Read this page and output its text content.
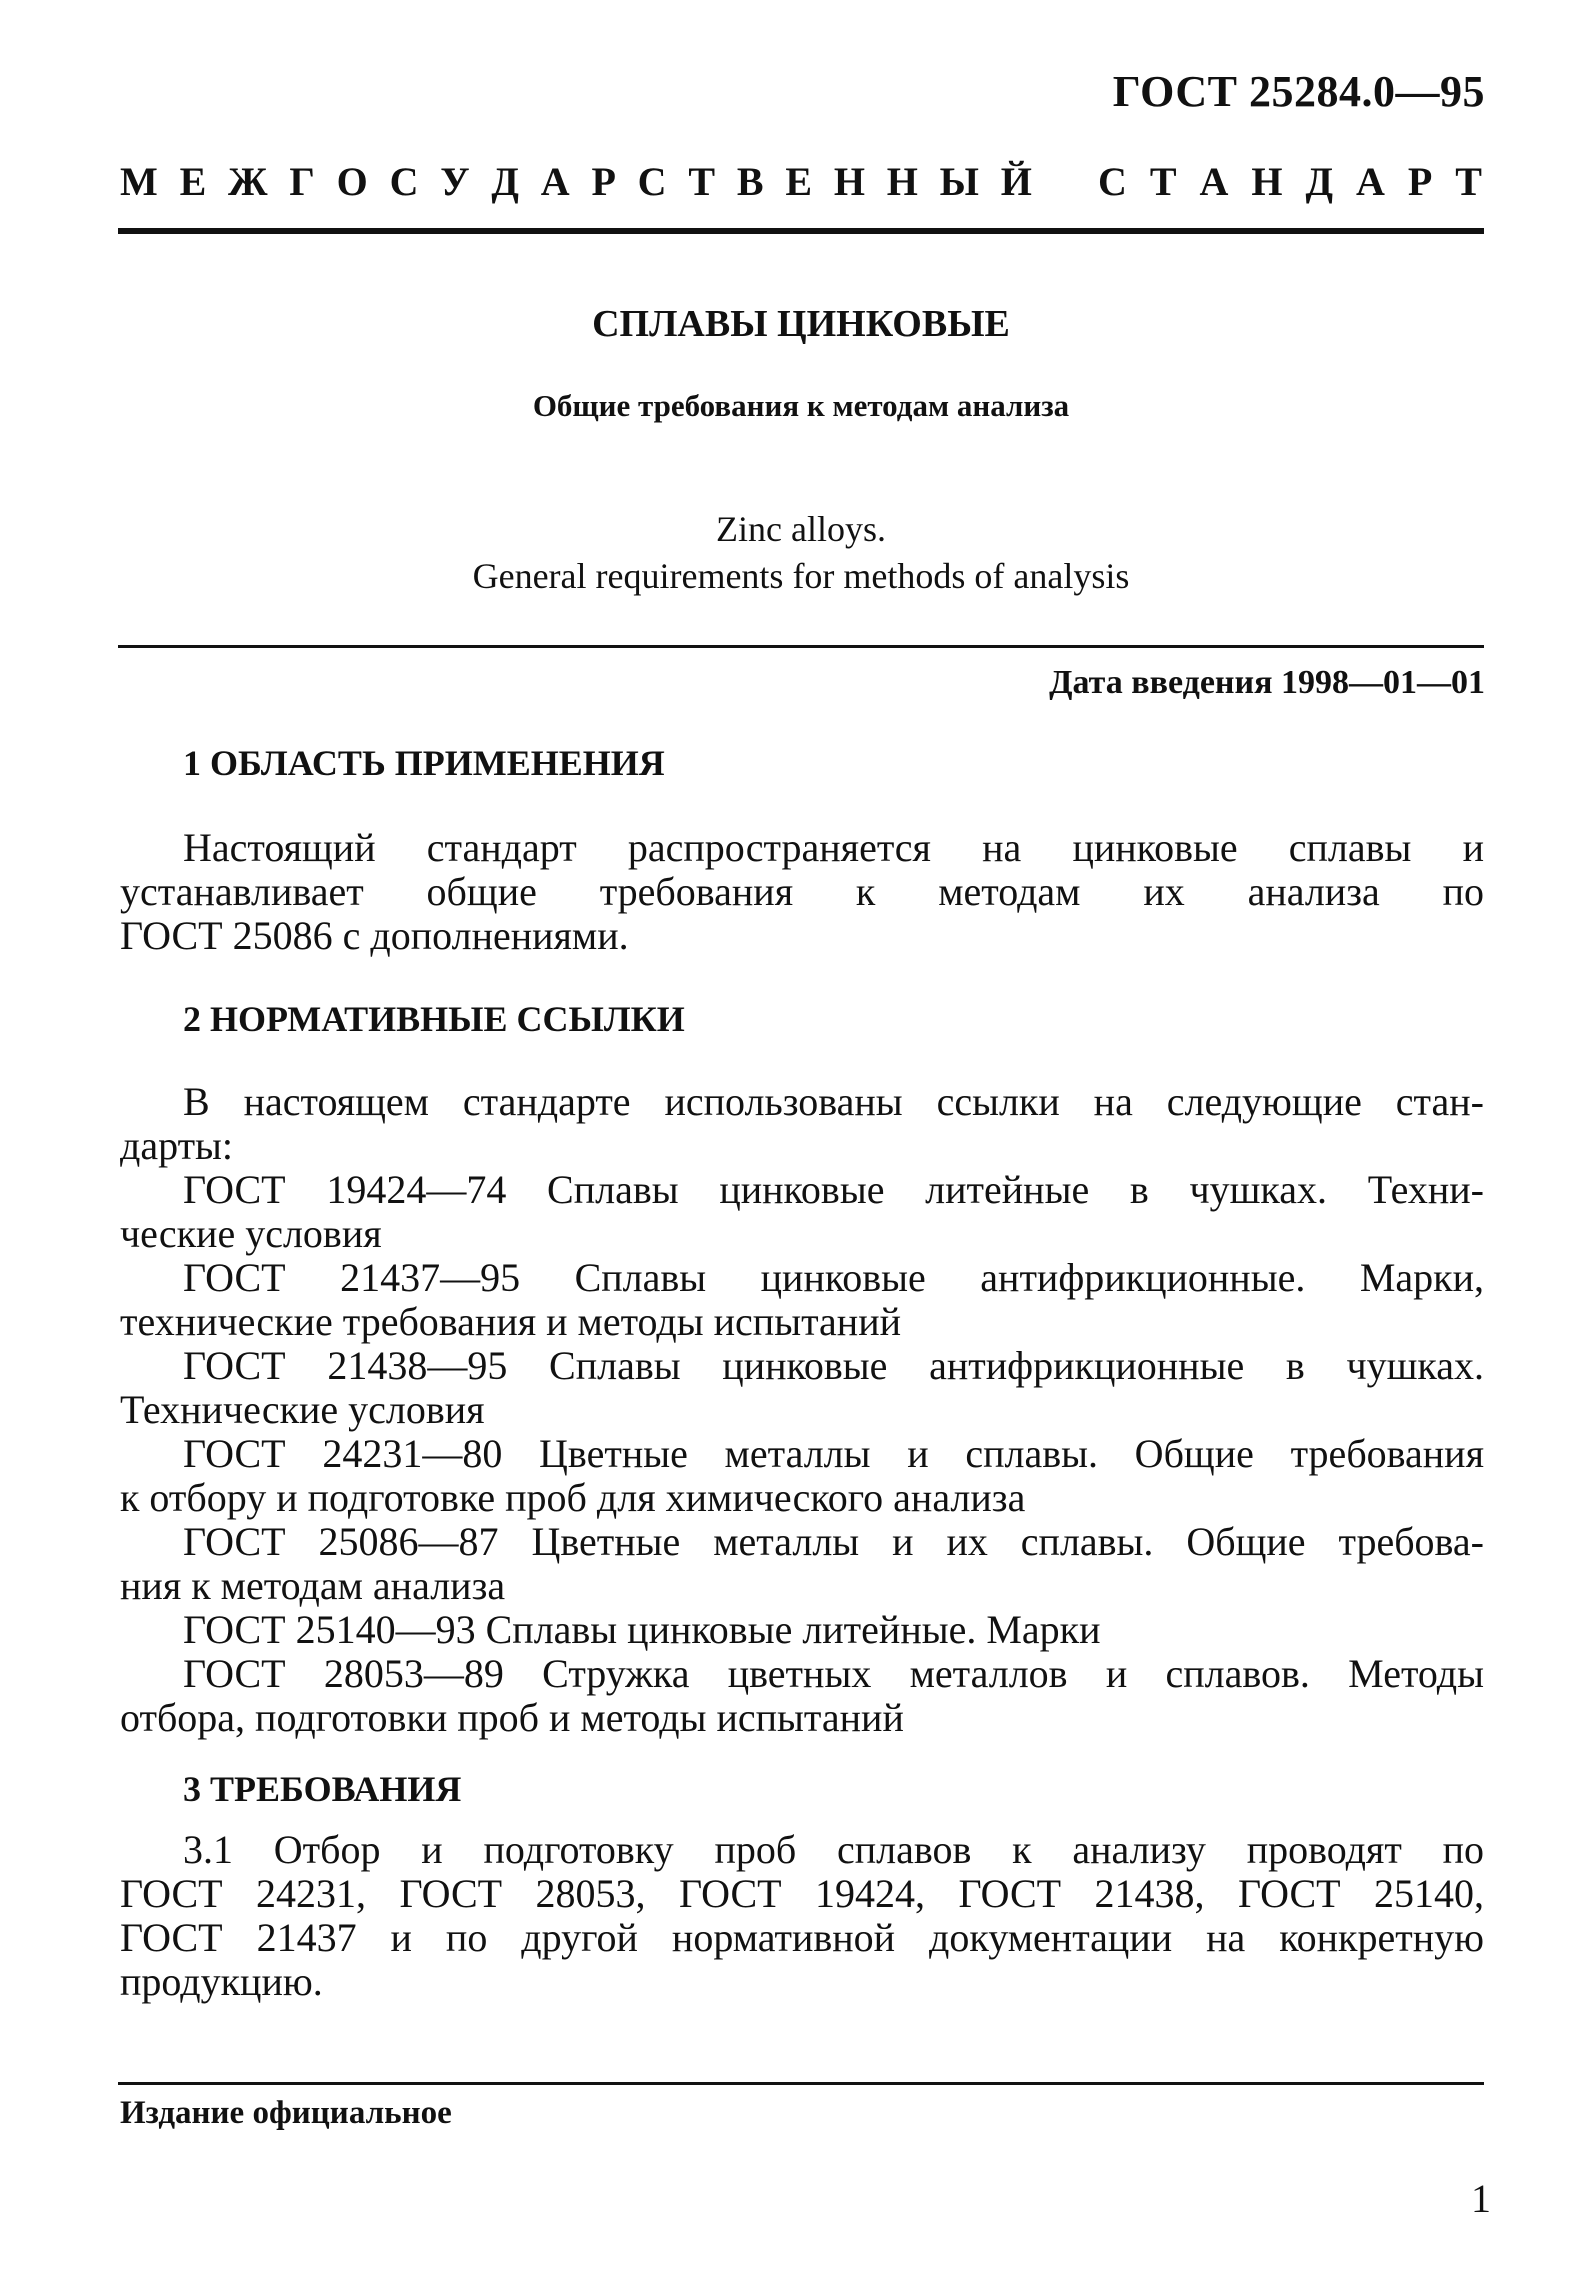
ГОСТ 25284.0—95
М Е Ж Г О С У Д А Р С Т В Е Н Н Ы Й С Т А Н Д А Р Т
СПЛАВЫ ЦИНКОВЫЕ
Общие требования к методам анализа
Zinc alloys.
General requirements for methods of analysis
Дата введения 1998—01—01
1 ОБЛАСТЬ ПРИМЕНЕНИЯ
Настоящий стандарт распространяется на цинковые сплавы и
устанавливает общие требования к методам их анализа по
ГОСТ 25086 с дополнениями.
2 НОРМАТИВНЫЕ ССЫЛКИ
В настоящем стандарте использованы ссылки на следующие стан-
дарты:
ГОСТ 19424—74 Сплавы цинковые литейные в чушках. Техни-
ческие условия
ГОСТ 21437—95 Сплавы цинковые антифрикционные. Марки,
технические требования и методы испытаний
ГОСТ 21438—95 Сплавы цинковые антифрикционные в чушках.
Технические условия
ГОСТ 24231—80 Цветные металлы и сплавы. Общие требования
к отбору и подготовке проб для химического анализа
ГОСТ 25086—87 Цветные металлы и их сплавы. Общие требова-
ния к методам анализа
ГОСТ 25140—93 Сплавы цинковые литейные. Марки
ГОСТ 28053—89 Стружка цветных металлов и сплавов. Методы
отбора, подготовки проб и методы испытаний
3 ТРЕБОВАНИЯ
3.1 Отбор и подготовку проб сплавов к анализу проводят по
ГОСТ 24231, ГОСТ 28053, ГОСТ 19424, ГОСТ 21438, ГОСТ 25140,
ГОСТ 21437 и по другой нормативной документации на конкретную
продукцию.
Издание официальное
1
